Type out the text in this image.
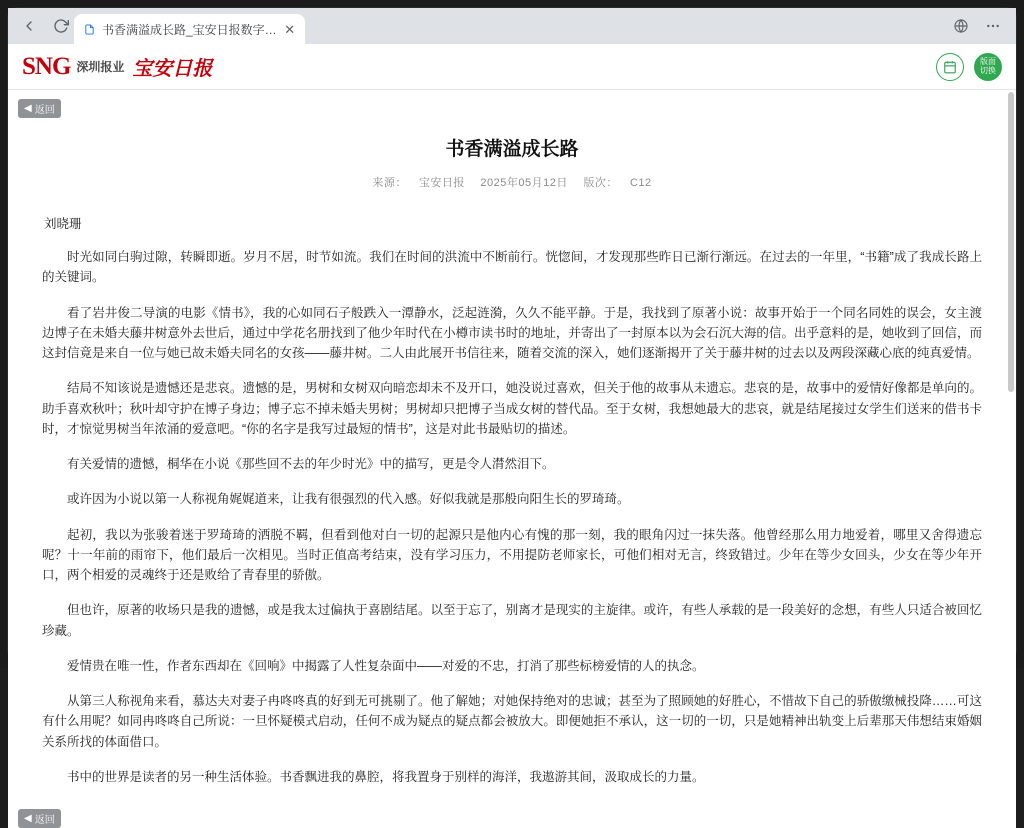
书香满溢成长路_宝安日报数字… ✕
SNG 深圳报业 宝安日报	版面
切换
◀ 返回
书香满溢成长路
来源： 宝安日报 2025年05月12日 版次： C12
刘晓珊

时光如同白驹过隙，转瞬即逝。岁月不居，时节如流。我们在时间的洪流中不断前行。恍惚间，才发现那些昨日已渐行渐远。在过去的一年里，“书籍”成了我成长路上的关键词。

看了岩井俊二导演的电影《情书》，我的心如同石子般跌入一潭静水，泛起涟漪，久久不能平静。于是，我找到了原著小说：故事开始于一个同名同姓的误会，女主渡边博子在未婚夫藤井树意外去世后，通过中学花名册找到了他少年时代在小樽市读书时的地址，并寄出了一封原本以为会石沉大海的信。出乎意料的是，她收到了回信，而这封信竟是来自一位与她已故未婚夫同名的女孩——藤井树。二人由此展开书信往来，随着交流的深入，她们逐渐揭开了关于藤井树的过去以及两段深藏心底的纯真爱情。

结局不知该说是遗憾还是悲哀。遗憾的是，男树和女树双向暗恋却未不及开口，她没说过喜欢，但关于他的故事从未遗忘。悲哀的是，故事中的爱情好像都是单向的。助手喜欢秋叶；秋叶却守护在博子身边；博子忘不掉未婚夫男树；男树却只把博子当成女树的替代品。至于女树，我想她最大的悲哀，就是结尾接过女学生们送来的借书卡时，才惊觉男树当年浓涌的爱意吧。“你的名字是我写过最短的情书”，这是对此书最贴切的描述。

有关爱情的遗憾，桐华在小说《那些回不去的年少时光》中的描写，更是令人潸然泪下。

或许因为小说以第一人称视角娓娓道来，让我有很强烈的代入感。好似我就是那般向阳生长的罗琦琦。

起初，我以为张骏着迷于罗琦琦的洒脱不羁，但看到他对白一切的起源只是他内心有愧的那一刻，我的眼角闪过一抹失落。他曾经那么用力地爱着，哪里又舍得遗忘呢？十一年前的雨帘下，他们最后一次相见。当时正值高考结束，没有学习压力，不用提防老师家长，可他们相对无言，终致错过。少年在等少女回头，少女在等少年开口，两个相爱的灵魂终于还是败给了青春里的骄傲。

但也许，原著的收场只是我的遗憾，或是我太过偏执于喜剧结尾。以至于忘了，别离才是现实的主旋律。或许，有些人承载的是一段美好的念想，有些人只适合被回忆珍藏。

爱情贵在唯一性，作者东西却在《回响》中揭露了人性复杂面中——对爱的不忠，打消了那些标榜爱情的人的执念。

从第三人称视角来看，慕达夫对妻子冉咚咚真的好到无可挑剔了。他了解她；对她保持绝对的忠诚；甚至为了照顾她的好胜心，不惜故下自己的骄傲缴械投降……可这有什么用呢？如同冉咚咚自己所说：一旦怀疑模式启动，任何不成为疑点的疑点都会被放大。即便她拒不承认，这一切的一切，只是她精神出轨变上后辈那天伟想结束婚姻关系所找的体面借口。

书中的世界是读者的另一种生活体验。书香飘进我的鼻腔，将我置身于别样的海洋，我遨游其间，汲取成长的力量。

◀ 返回
